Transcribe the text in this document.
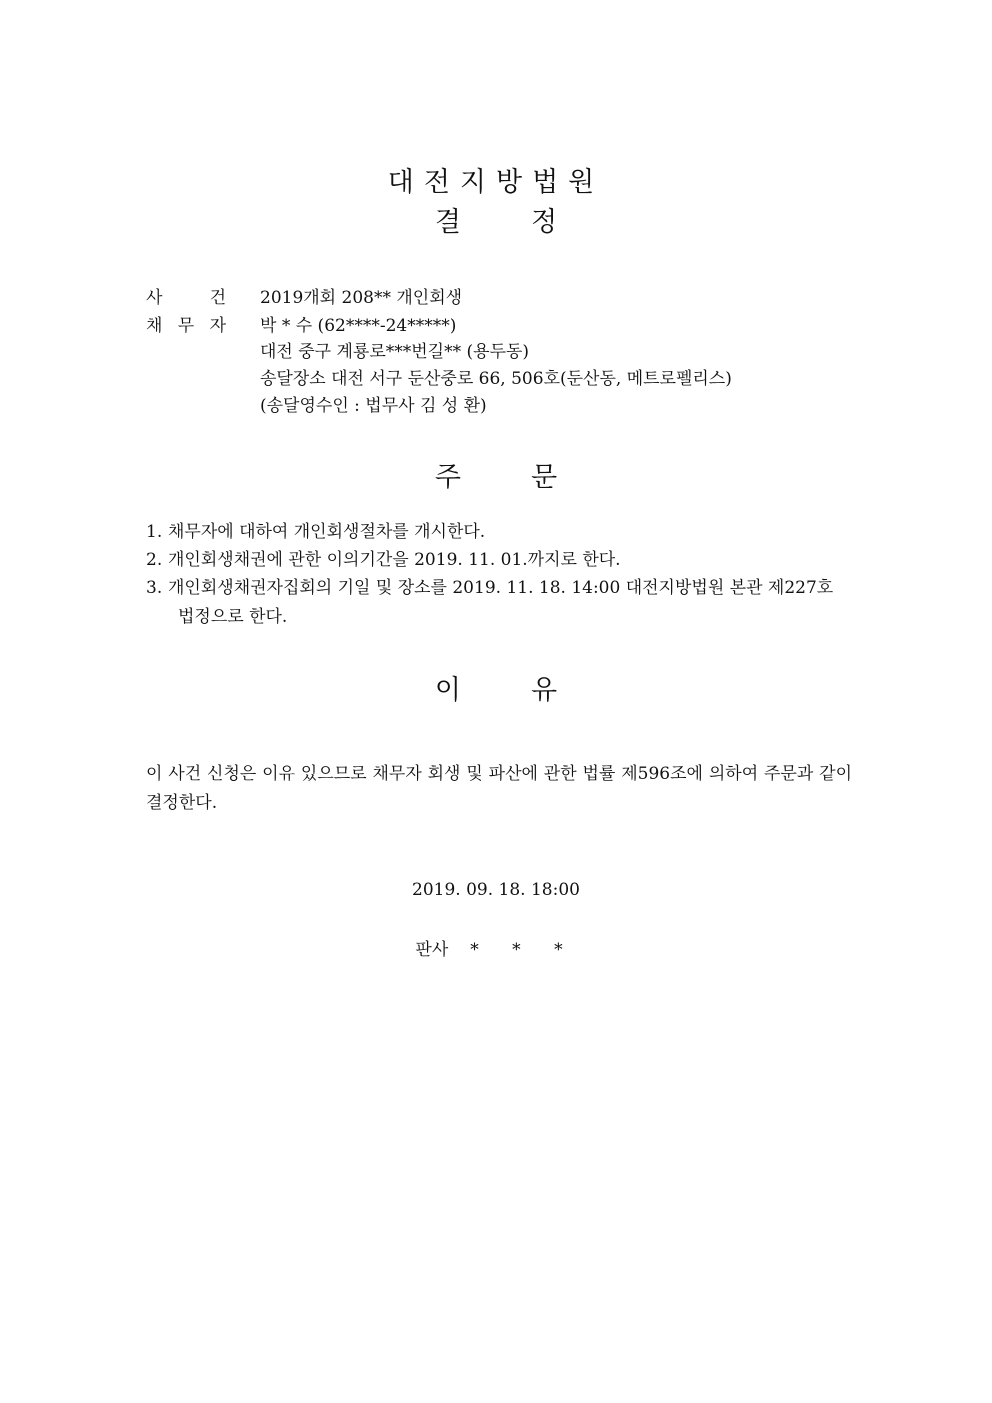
대전지방법원
결	정
사	건 2019개회 208** 개인회생
채 무 자 박 * 수 (62****-24*****)
대전 중구 계룡로***번길** (용두동)
송달장소 대전 서구 둔산중로 66, 506호(둔산동, 메트로펠리스)
(송달영수인 : 법무사 김 성 환)
주	문
1. 채무자에 대하여 개인회생절차를 개시한다.
2. 개인회생채권에 관한 이의기간을 2019. 11. 01.까지로 한다.
3. 개인회생채권자집회의 기일 및 장소를 2019. 11. 18. 14:00 대전지방법원 본관 제227호
법정으로 한다.
이	유
이 사건 신청은 이유 있으므로 채무자 회생 및 파산에 관한 법률 제596조에 의하여 주문과 같이 결정한다.
2019. 09. 18. 18:00
판사 * * *
